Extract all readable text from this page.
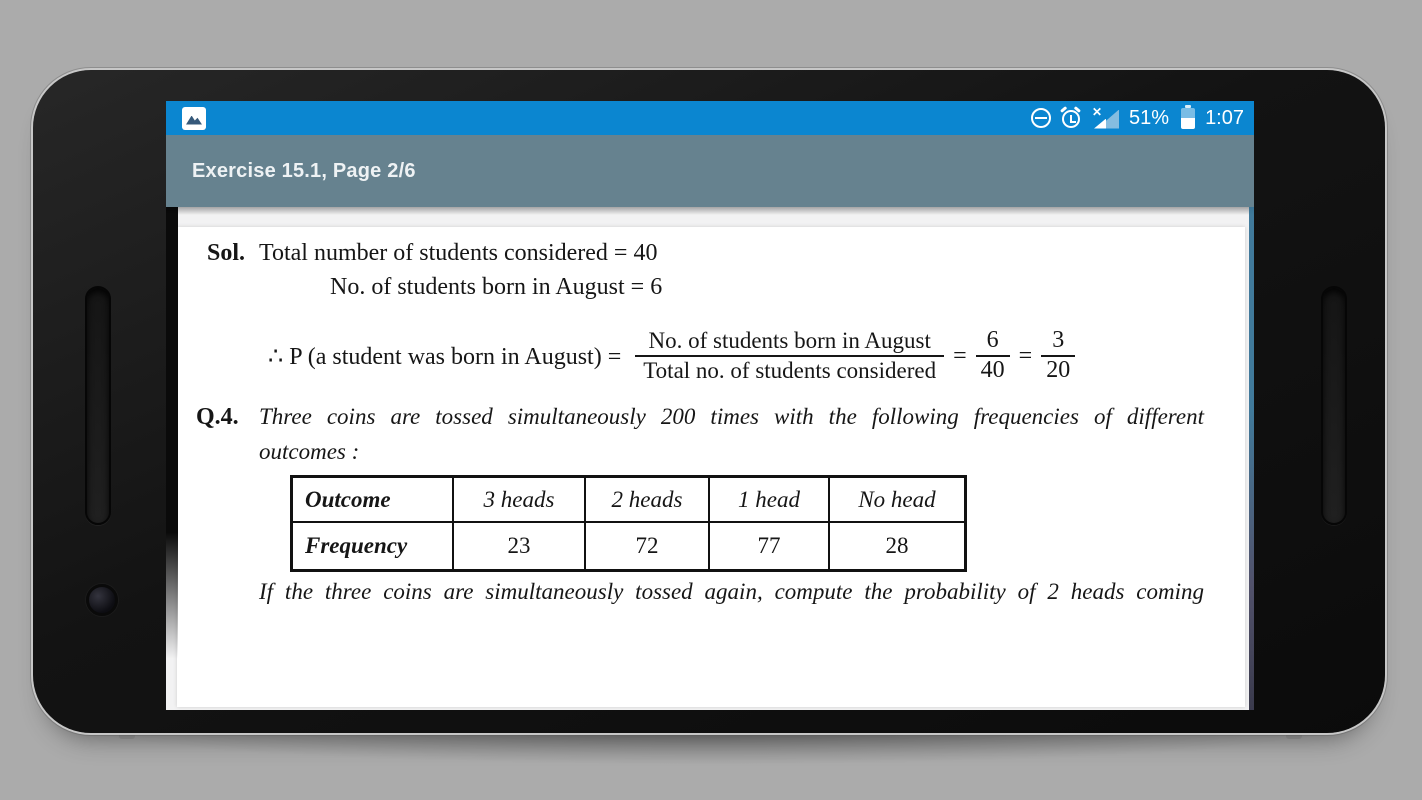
✕ 51% 1:07
Exercise 15.1, Page 2/6
Sol. Total number of students considered = 40
No. of students born in August = 6
∴ P (a student was born in August) = $\frac{\text{No. of students born in August}}{\text{Total no. of students considered}} = \frac{6}{40} = \frac{3}{20}$
Q.4. Three coins are tossed simultaneously 200 times with the following frequencies of different
outcomes :
Outcome	3 heads	2 heads	1 head	No head
Frequency	23	72	77	28
If the three coins are simultaneously tossed again, compute the probability of 2 heads coming
